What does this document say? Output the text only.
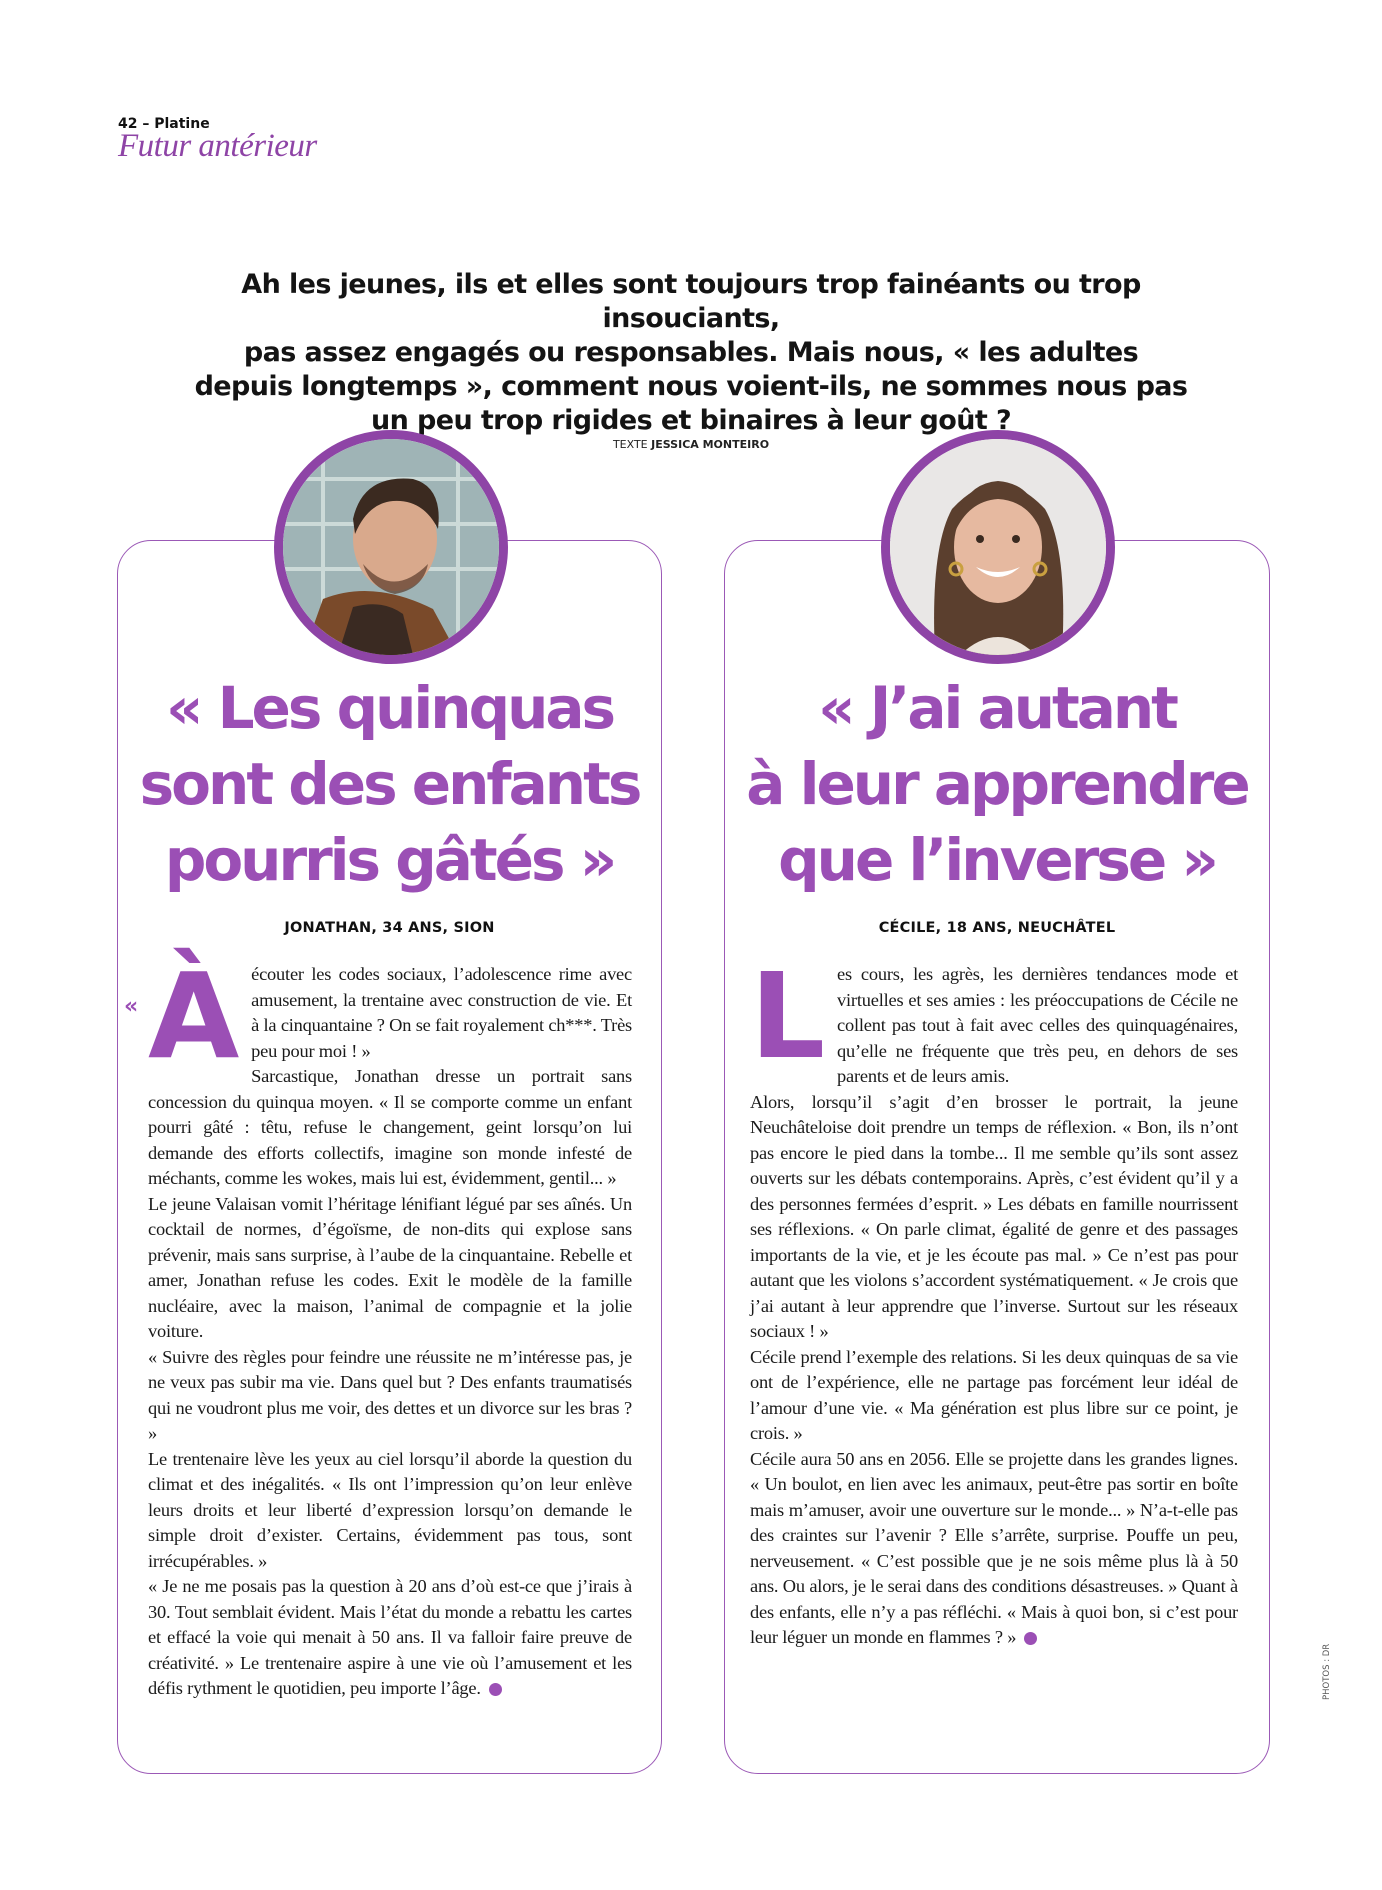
42 – Platine
Futur antérieur
Ah les jeunes, ils et elles sont toujours trop fainéants ou trop insouciants,
pas assez engagés ou responsables. Mais nous, « les adultes
depuis longtemps », comment nous voient-ils, ne sommes nous pas
un peu trop rigides et binaires à leur goût ?
TEXTE JESSICA MONTEIRO
« Les quinquas
sont des enfants
pourris gâtés »
« J’ai autant
à leur apprendre
que l’inverse »
JONATHAN, 34 ANS, SION	CÉCILE, 18 ANS, NEUCHÂTEL
« À écouter les codes sociaux, l’adolescence rime avec amusement, la trentaine avec construction de vie. Et à la cinquantaine ? On se fait royalement ch***. Très peu pour moi ! »

Sarcastique, Jonathan dresse un portrait sans concession du quinqua moyen. « Il se comporte comme un enfant pourri gâté : têtu, refuse le changement, geint lorsqu’on lui demande des efforts collectifs, imagine son monde infesté de méchants, comme les wokes, mais lui est, évidemment, gentil... »

Le jeune Valaisan vomit l’héritage lénifiant légué par ses aînés. Un cocktail de normes, d’égoïsme, de non-dits qui explose sans prévenir, mais sans surprise, à l’aube de la cinquantaine. Rebelle et amer, Jonathan refuse les codes. Exit le modèle de la famille nucléaire, avec la maison, l’animal de compagnie et la jolie voiture.

« Suivre des règles pour feindre une réussite ne m’intéresse pas, je ne veux pas subir ma vie. Dans quel but ? Des enfants traumatisés qui ne voudront plus me voir, des dettes et un divorce sur les bras ? »

Le trentenaire lève les yeux au ciel lorsqu’il aborde la question du climat et des inégalités. « Ils ont l’impression qu’on leur enlève leurs droits et leur liberté d’expression lorsqu’on demande le simple droit d’exister. Certains, évidemment pas tous, sont irrécupérables. »

« Je ne me posais pas la question à 20 ans d’où est-ce que j’irais à 30. Tout semblait évident. Mais l’état du monde a rebattu les cartes et effacé la voie qui menait à 50 ans. Il va falloir faire preuve de créativité. » Le trentenaire aspire à une vie où l’amusement et les défis rythment le quotidien, peu importe l’âge.

Les cours, les agrès, les dernières tendances mode et virtuelles et ses amies : les préoccupations de Cécile ne collent pas tout à fait avec celles des quinquagénaires, qu’elle ne fréquente que très peu, en dehors de ses parents et de leurs amis.

Alors, lorsqu’il s’agit d’en brosser le portrait, la jeune Neuchâteloise doit prendre un temps de réflexion. « Bon, ils n’ont pas encore le pied dans la tombe... Il me semble qu’ils sont assez ouverts sur les débats contemporains. Après, c’est évident qu’il y a des personnes fermées d’esprit. » Les débats en famille nourrissent ses réflexions. « On parle climat, égalité de genre et des passages importants de la vie, et je les écoute pas mal. » Ce n’est pas pour autant que les violons s’accordent systématiquement. « Je crois que j’ai autant à leur apprendre que l’inverse. Surtout sur les réseaux sociaux ! »

Cécile prend l’exemple des relations. Si les deux quinquas de sa vie ont de l’expérience, elle ne partage pas forcément leur idéal de l’amour d’une vie. « Ma génération est plus libre sur ce point, je crois. »

Cécile aura 50 ans en 2056. Elle se projette dans les grandes lignes. « Un boulot, en lien avec les animaux, peut-être pas sortir en boîte mais m’amuser, avoir une ouverture sur le monde... » N’a-t-elle pas des craintes sur l’avenir ? Elle s’arrête, surprise. Pouffe un peu, nerveusement. « C’est possible que je ne sois même plus là à 50 ans. Ou alors, je le serai dans des conditions désastreuses. » Quant à des enfants, elle n’y a pas réfléchi. « Mais à quoi bon, si c’est pour leur léguer un monde en flammes ? »

PHOTOS : DR
